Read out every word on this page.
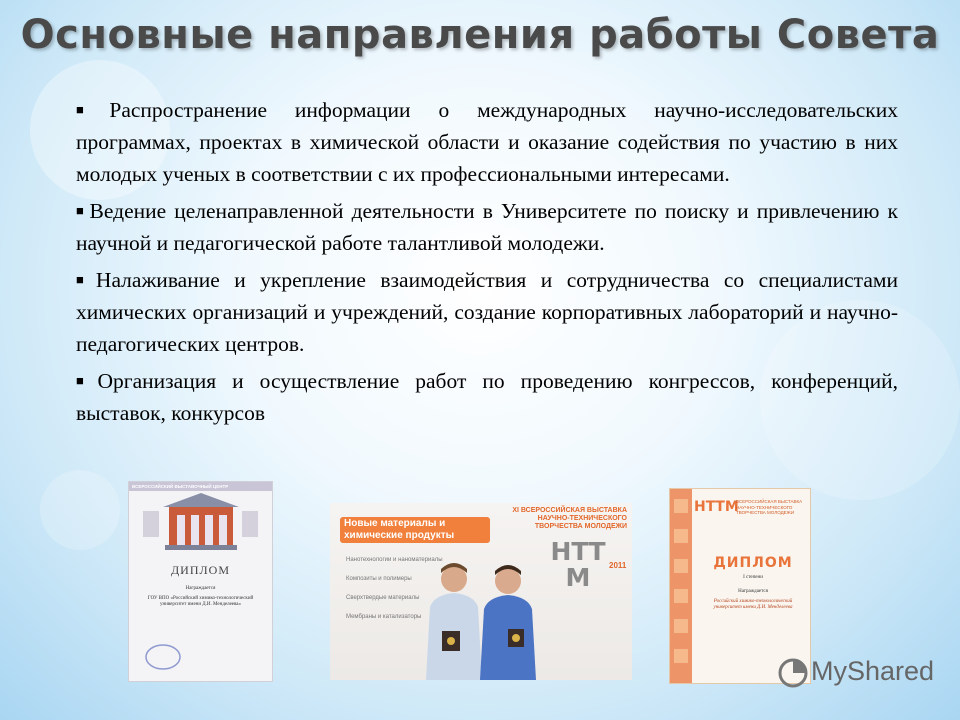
Основные направления работы Совета
■ Распространение информации о международных научно-исследовательских программах, проектах в химической области и оказание содействия по участию в них молодых ученых в соответствии с их профессиональными интересами.
■ Ведение целенаправленной деятельности в Университете по поиску и привлечению к научной и педагогической работе талантливой молодежи.
■ Налаживание и укрепление взаимодействия и сотрудничества со специалистами химических организаций и учреждений, создание корпоративных лабораторий и научно-педагогических центров.
■ Организация и осуществление работ по проведению конгрессов, конференций, выставок, конкурсов
ВСЕРОССИЙСКИЙ ВЫСТАВОЧНЫЙ ЦЕНТР
ДИПЛОМ
Награждается
ГОУ ВПО «Российский химико-технологический университет имени Д.И. Менделеева»
XI ВСЕРОССИЙСКАЯ ВЫСТАВКА НАУЧНО-ТЕХНИЧЕСКОГО ТВОРЧЕСТВА МОЛОДЕЖИ
Новые материалы и химические продукты
Нанотехнологии и наноматериалы
Композиты и полимеры
Сверхтвердые материалы
Мембраны и катализаторы
НТТМ	2011
НТТМ
ВСЕРОССИЙСКАЯ ВЫСТАВКА НАУЧНО-ТЕХНИЧЕСКОГО ТВОРЧЕСТВА МОЛОДЕЖИ
ДИПЛОМ
I степени
Награждается
Российский химико-технологический университет имени Д.И. Менделеева
MyShared
